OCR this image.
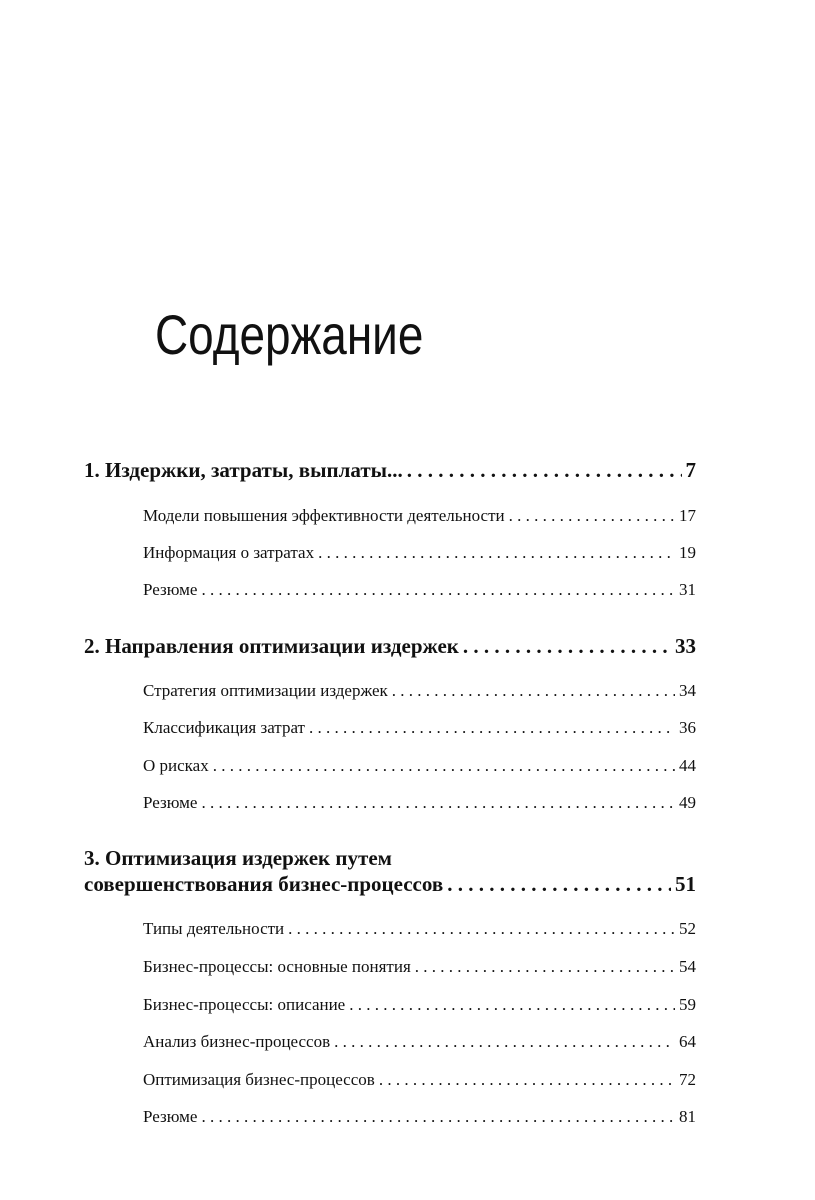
Содержание
1. Издержки, затраты, выплаты... . . .	7
Модели повышения эффективности деятельности . . .	17
Информация о затратах . . .	19
Резюме . . .	31
2. Направления оптимизации издержек . . .	33
Стратегия оптимизации издержек . . .	34
Классификация затрат . . .	36
О рисках . . .	44
Резюме . . .	49
3. Оптимизация издержек путем
совершенствования бизнес-процессов . . .	51
Типы деятельности . . .	52
Бизнес-процессы: основные понятия . . .	54
Бизнес-процессы: описание . . .	59
Анализ бизнес-процессов . . .	64
Оптимизация бизнес-процессов . . .	72
Резюме . . .	81
